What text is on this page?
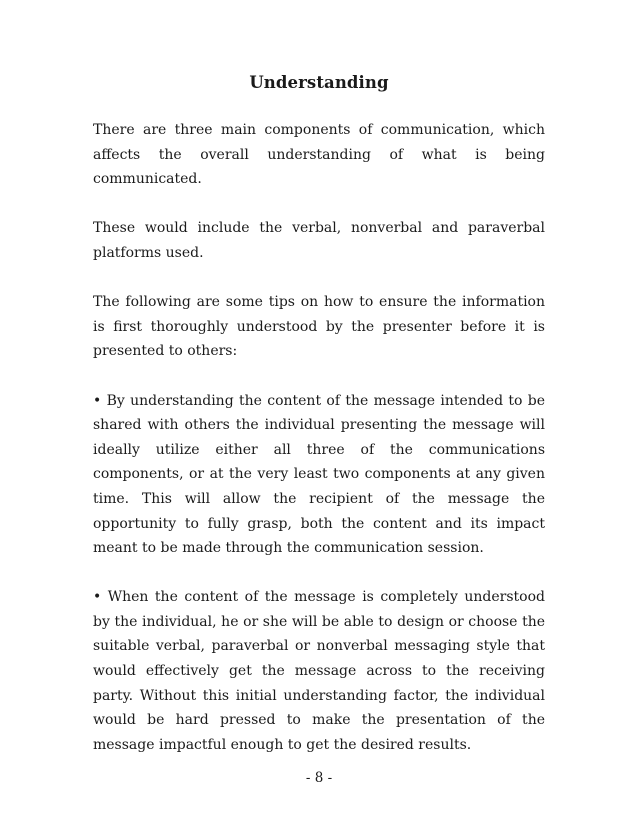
Understanding

There are three main components of communication, which affects the overall understanding of what is being communicated.

These would include the verbal, nonverbal and paraverbal platforms used.

The following are some tips on how to ensure the information is first thoroughly understood by the presenter before it is presented to others:

• By understanding the content of the message intended to be shared with others the individual presenting the message will ideally utilize either all three of the communications components, or at the very least two components at any given time. This will allow the recipient of the message the opportunity to fully grasp, both the content and its impact meant to be made through the communication session.

• When the content of the message is completely understood by the individual, he or she will be able to design or choose the suitable verbal, paraverbal or nonverbal messaging style that would effectively get the message across to the receiving party. Without this initial understanding factor, the individual would be hard pressed to make the presentation of the message impactful enough to get the desired results.

- 8 -
